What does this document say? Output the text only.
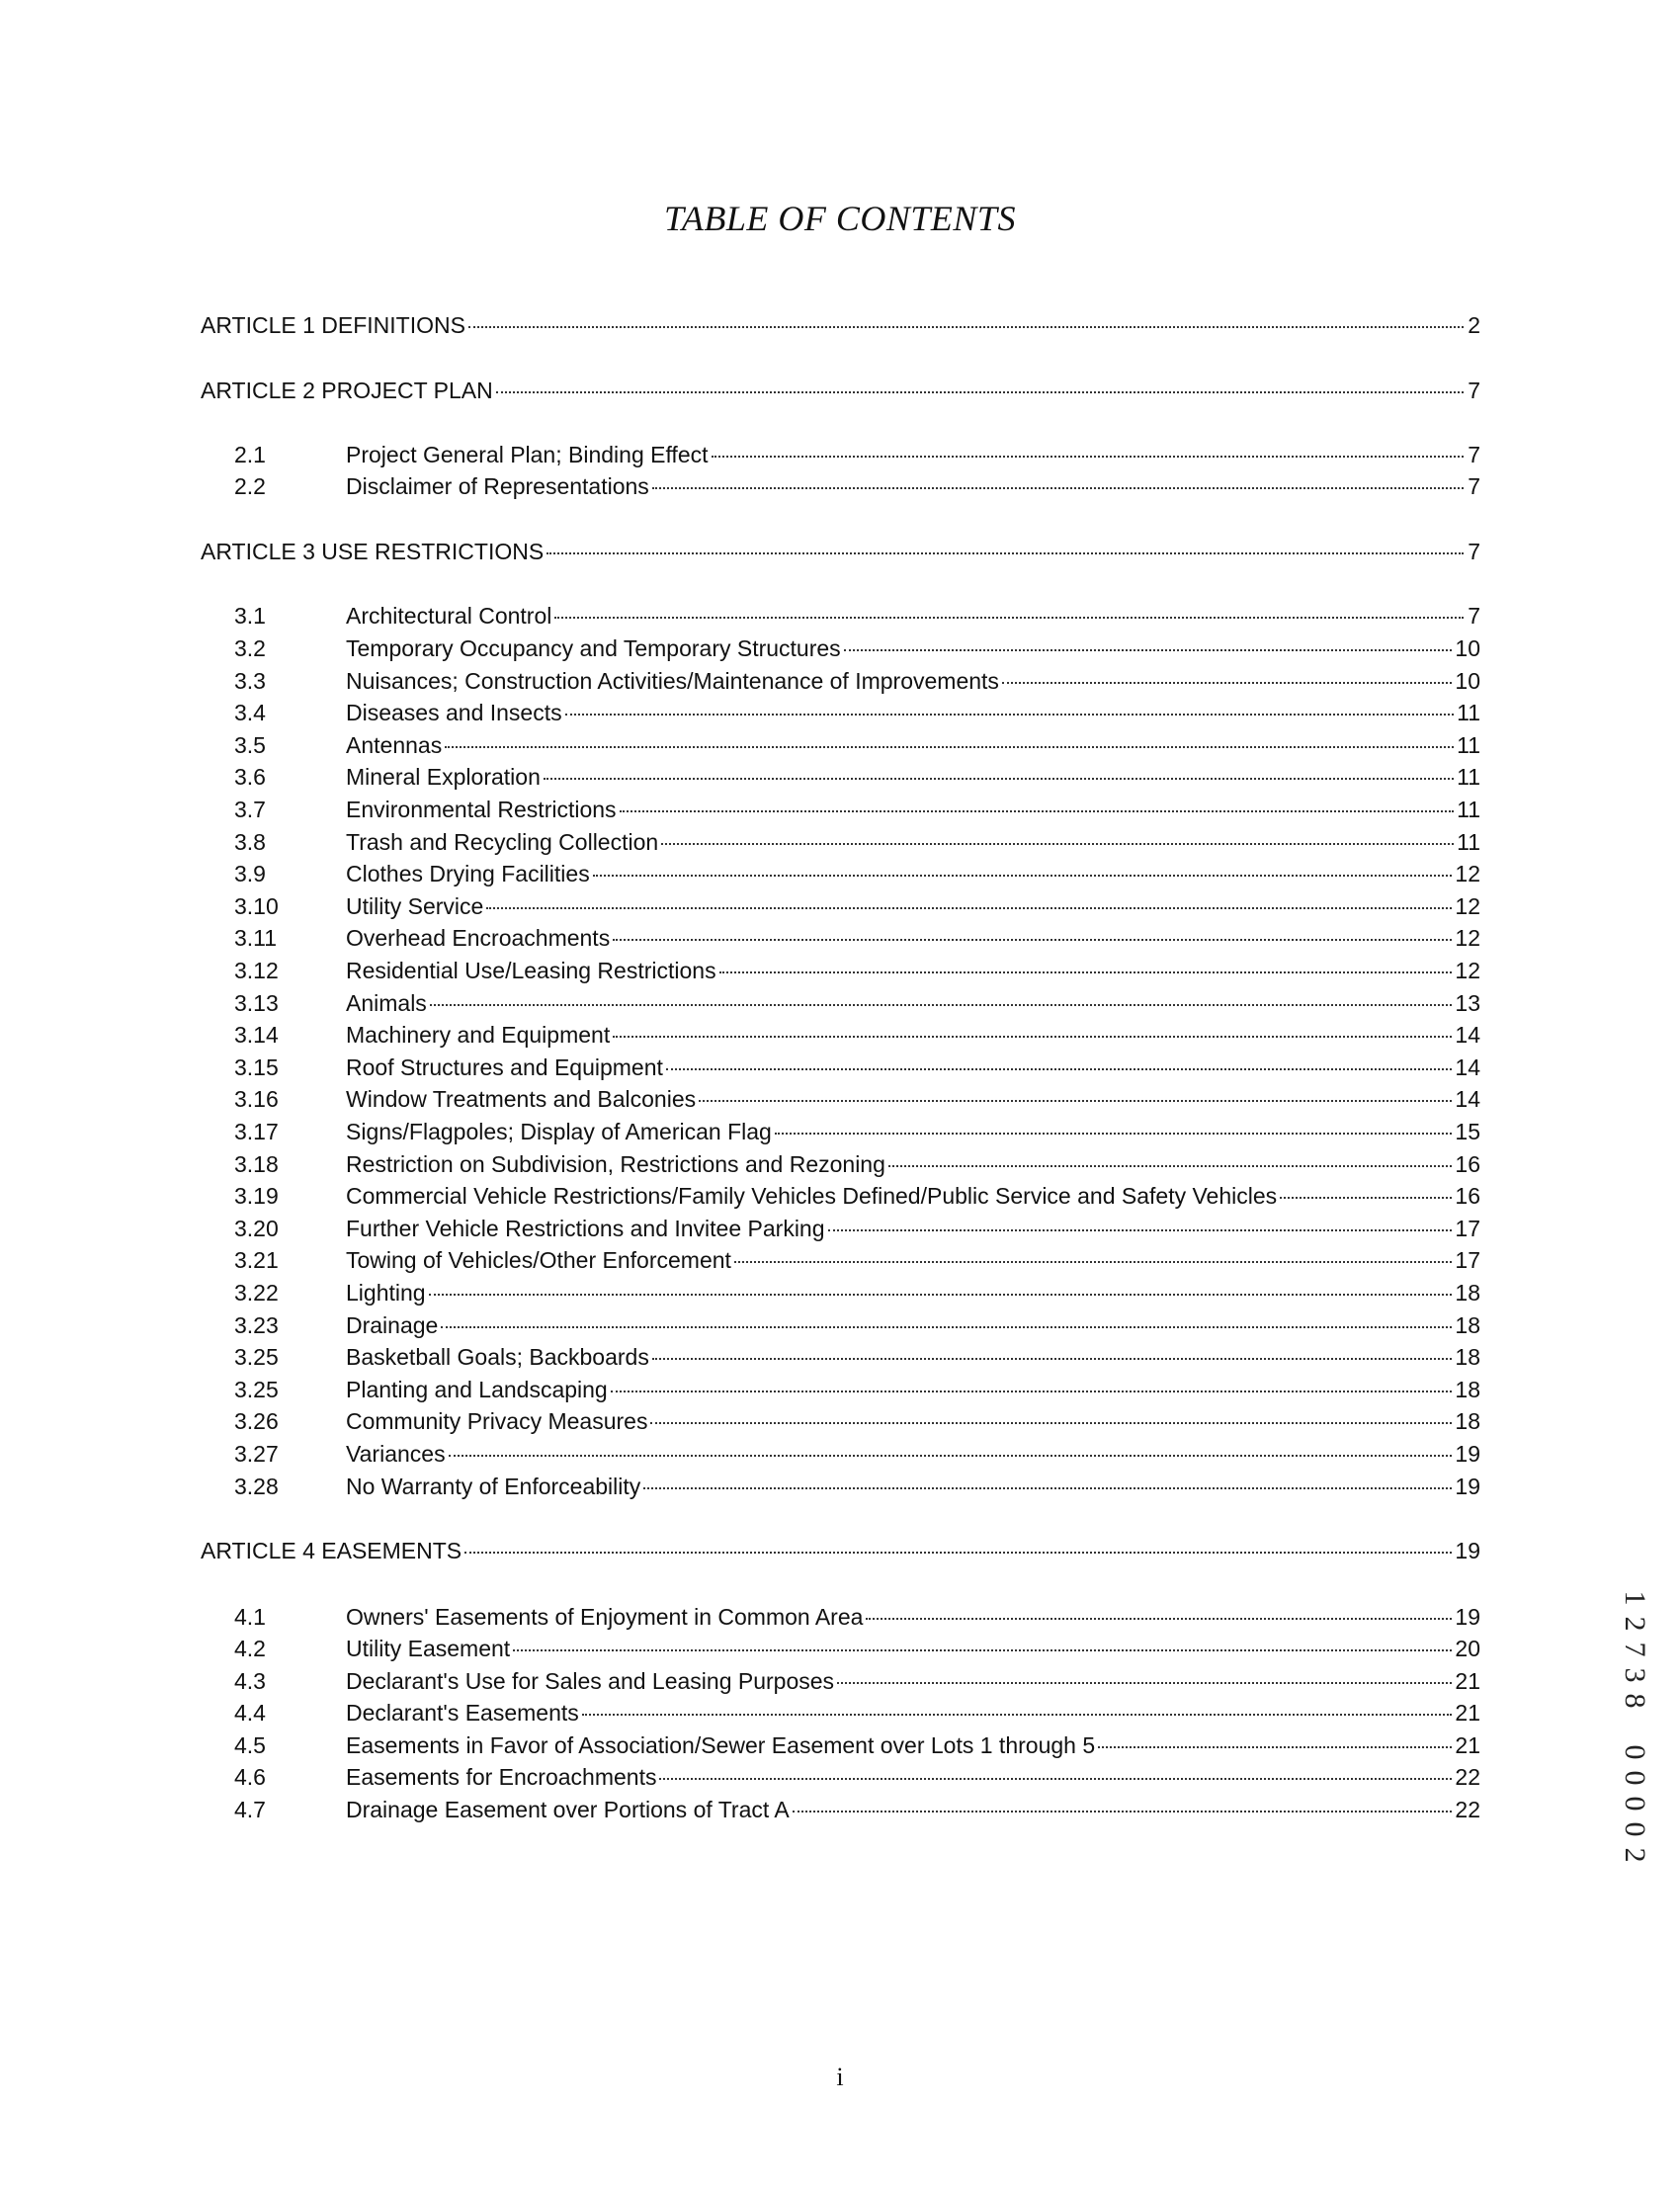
TABLE OF CONTENTS
ARTICLE 1 DEFINITIONS	2
ARTICLE 2 PROJECT PLAN	7
2.1	Project General Plan; Binding Effect	7
2.2	Disclaimer of Representations	7
ARTICLE 3 USE RESTRICTIONS	7
3.1	Architectural Control	7
3.2	Temporary Occupancy and Temporary Structures	10
3.3	Nuisances; Construction Activities/Maintenance of Improvements	10
3.4	Diseases and Insects	11
3.5	Antennas	11
3.6	Mineral Exploration	11
3.7	Environmental Restrictions	11
3.8	Trash and Recycling Collection	11
3.9	Clothes Drying Facilities	12
3.10	Utility Service	12
3.11	Overhead Encroachments	12
3.12	Residential Use/Leasing Restrictions	12
3.13	Animals	13
3.14	Machinery and Equipment	14
3.15	Roof Structures and Equipment	14
3.16	Window Treatments and Balconies	14
3.17	Signs/Flagpoles; Display of American Flag	15
3.18	Restriction on Subdivision, Restrictions and Rezoning	16
3.19	Commercial Vehicle Restrictions/Family Vehicles Defined/Public Service and Safety Vehicles	16
3.20	Further Vehicle Restrictions and Invitee Parking	17
3.21	Towing of Vehicles/Other Enforcement	17
3.22	Lighting	18
3.23	Drainage	18
3.25	Basketball Goals; Backboards	18
3.25	Planting and Landscaping	18
3.26	Community Privacy Measures	18
3.27	Variances	19
3.28	No Warranty of Enforceability	19
ARTICLE 4 EASEMENTS	19
4.1	Owners' Easements of Enjoyment in Common Area	19
4.2	Utility Easement	20
4.3	Declarant's Use for Sales and Leasing Purposes	21
4.4	Declarant's Easements	21
4.5	Easements in Favor of Association/Sewer Easement over Lots 1 through 5	21
4.6	Easements for Encroachments	22
4.7	Drainage Easement over Portions of Tract A	22
1
2
7
3
8

0
0
0
0
2
i
